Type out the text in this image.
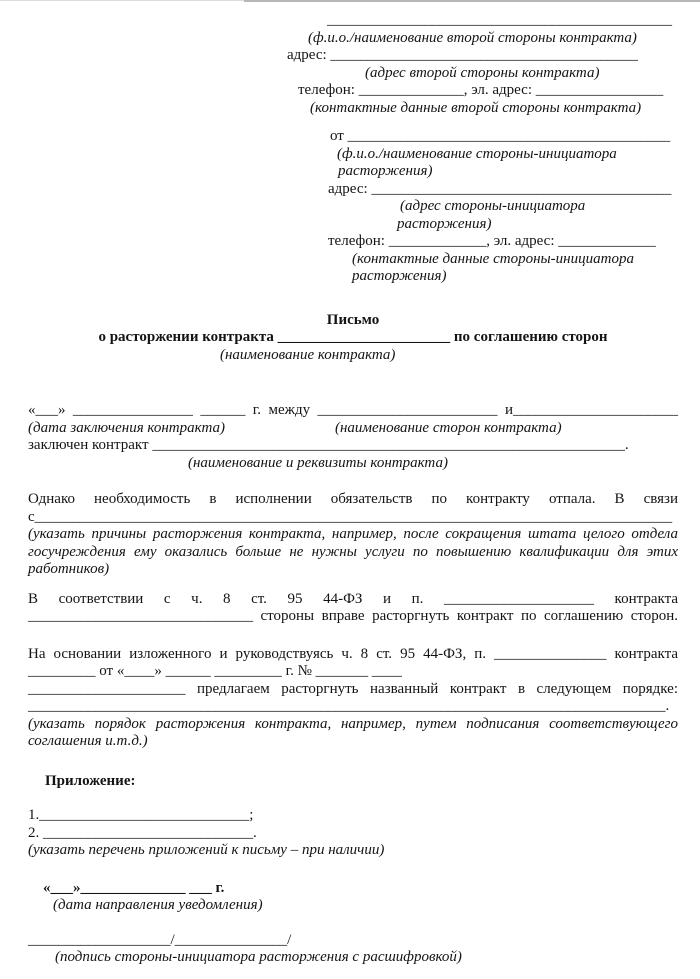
______________________________________________
(ф.и.о./наименование второй стороны контракта)
адрес: _________________________________________
(адрес второй стороны контракта)
телефон: ______________, эл. адрес: _________________
(контактные данные второй стороны контракта)
от ___________________________________________
(ф.и.о./наименование стороны-инициатора
расторжения)
адрес: ________________________________________
(адрес стороны-инициатора
расторжения)
телефон: _____________, эл. адрес: _____________
(контактные данные стороны-инициатора
расторжения)
Письмо
о расторжении контракта _______________________ по соглашению сторон
(наименование контракта)
«___» ________________ ______ г. между ________________________ и______________________
(дата заключения контракта)	(наименование сторон контракта)
заключен контракт _______________________________________________________________.
(наименование и реквизиты контракта)
Однако необходимость в исполнении обязательств по контракту отпала. В связи
с_____________________________________________________________________________________
(указать причины расторжения контракта, например, после сокращения штата целого отдела
госучреждения ему оказались больше не нужны услуги по повышению квалификации для этих
работников)
В соответствии с ч. 8 ст. 95 44-ФЗ и п. ____________________ контракта
______________________________ стороны вправе расторгнуть контракт по соглашению сторон.
На основании изложенного и руководствуясь ч. 8 ст. 95 44-ФЗ, п. _______________ контракта
_________ от «____» ______ _________ г. № _______ ____
_____________________ предлагаем расторгнуть названный контракт в следующем порядке:
_____________________________________________________________________________________.
(указать порядок расторжения контракта, например, путем подписания соответствующего
соглашения и.т.д.)
Приложение:
1.____________________________;
2. ____________________________.
(указать перечень приложений к письму – при наличии)
«___»______________ ___ г.
(дата направления уведомления)
___________________/_______________/
(подпись стороны-инициатора расторжения с расшифровкой)
